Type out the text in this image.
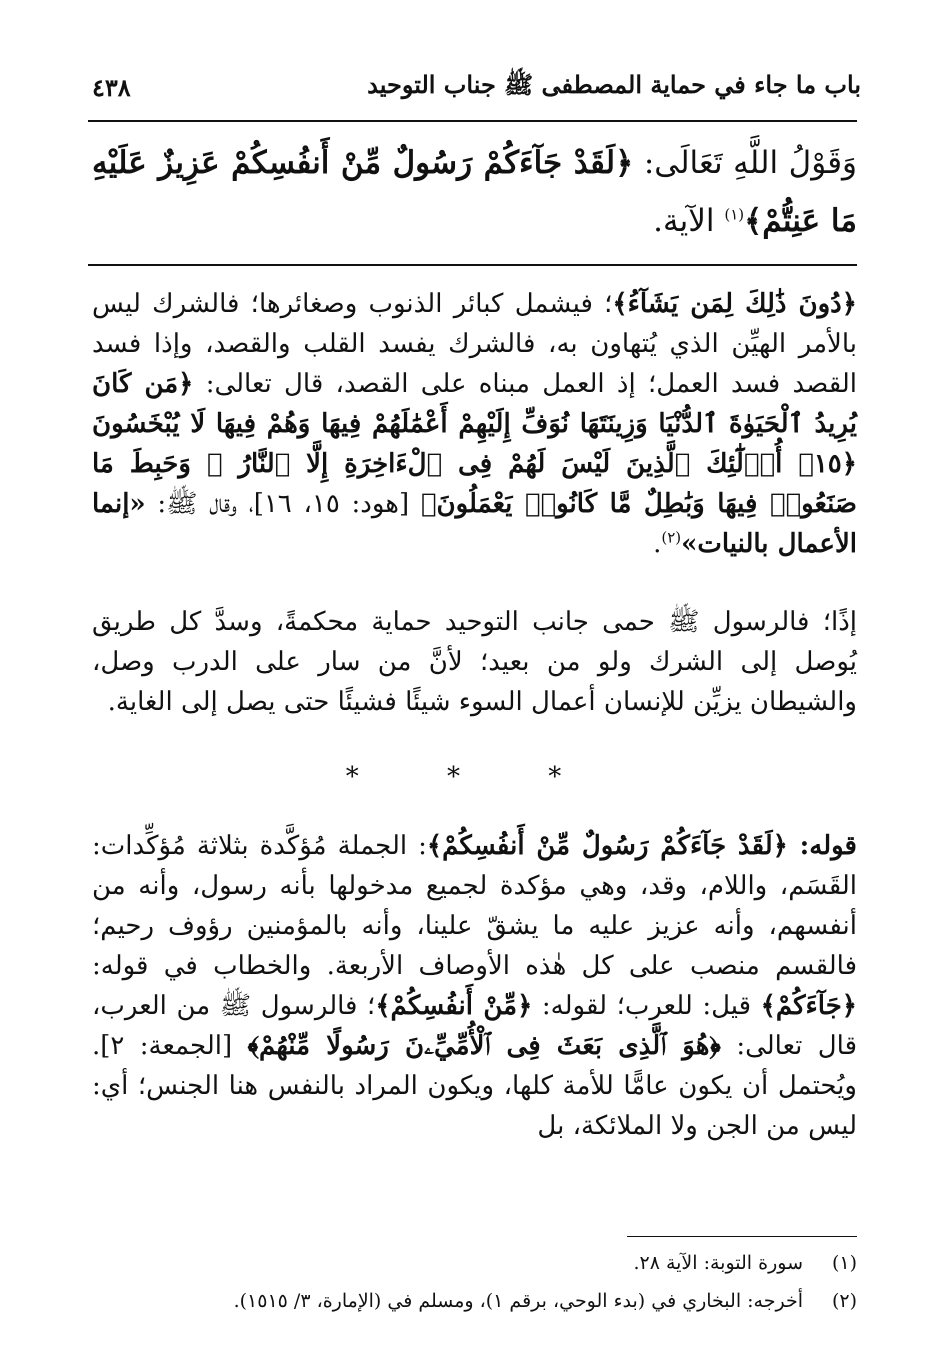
باب ما جاء في حماية المصطفى ﷺ جناب التوحيد
٤٣٨
وَقَوْلُ اللَّهِ تَعَالَى: ﴿لَقَدْ جَآءَكُمْ رَسُولٌ مِّنْ أَنفُسِكُمْ عَزِيزٌ عَلَيْهِ مَا عَنِتُّمْ﴾$^{(١)}$ الآية.

﴿دُونَ ذَٰلِكَ لِمَن يَشَآءُ﴾؛ فيشمل كبائر الذنوب وصغائرها؛ فالشرك ليس بالأمر الهيِّن الذي يُتهاون به، فالشرك يفسد القلب والقصد، وإذا فسد القصد فسد العمل؛ إذ العمل مبناه على القصد، قال تعالى: ﴿مَن كَانَ يُرِيدُ ٱلْحَيَوٰةَ ٱلدُّنْيَا وَزِينَتَهَا نُوَفِّ إِلَيْهِمْ أَعْمَٰلَهُمْ فِيهَا وَهُمْ فِيهَا لَا يُبْخَسُونَ ﴿١٥﴾ أُو۟لَٰٓئِكَ ٱلَّذِينَ لَيْسَ لَهُمْ فِى ٱلْءَاخِرَةِ إِلَّا ٱلنَّارُ ۖ وَحَبِطَ مَا صَنَعُوا۟ فِيهَا وَبَٰطِلٌ مَّا كَانُوا۟ يَعْمَلُونَ﴾ [هود: ١٥، ١٦]، وقال ﷺ: «إنما الأعمال بالنيات»$^{(٢)}$.

إذًا؛ فالرسول ﷺ حمى جانب التوحيد حماية محكمةً، وسدَّ كل طريق يُوصل إلى الشرك ولو من بعيد؛ لأنَّ من سار على الدرب وصل، والشيطان يزيِّن للإنسان أعمال السوء شيئًا فشيئًا حتى يصل إلى الغاية.

* * *

قوله: ﴿لَقَدْ جَآءَكُمْ رَسُولٌ مِّنْ أَنفُسِكُمْ﴾: الجملة مُؤكَّدة بثلاثة مُؤكِّدات: القَسَم، واللام، وقد، وهي مؤكدة لجميع مدخولها بأنه رسول، وأنه من أنفسهم، وأنه عزيز عليه ما يشقّ علينا، وأنه بالمؤمنين رؤوف رحيم؛ فالقسم منصب على كل هٰذه الأوصاف الأربعة. والخطاب في قوله: ﴿جَآءَكُمْ﴾ قيل: للعرب؛ لقوله: ﴿مِّنْ أَنفُسِكُمْ﴾؛ فالرسول ﷺ من العرب، قال تعالى: ﴿هُوَ ٱلَّذِى بَعَثَ فِى ٱلْأُمِّيِّۦنَ رَسُولًا مِّنْهُمْ﴾ [الجمعة: ٢]. ويُحتمل أن يكون عامًّا للأمة كلها، ويكون المراد بالنفس هنا الجنس؛ أي: ليس من الجن ولا الملائكة، بل

(١)
سورة التوبة: الآية ٢٨.
(٢)
أخرجه: البخاري في (بدء الوحي، برقم ١)، ومسلم في (الإمارة، ٣/ ١٥١٥).
